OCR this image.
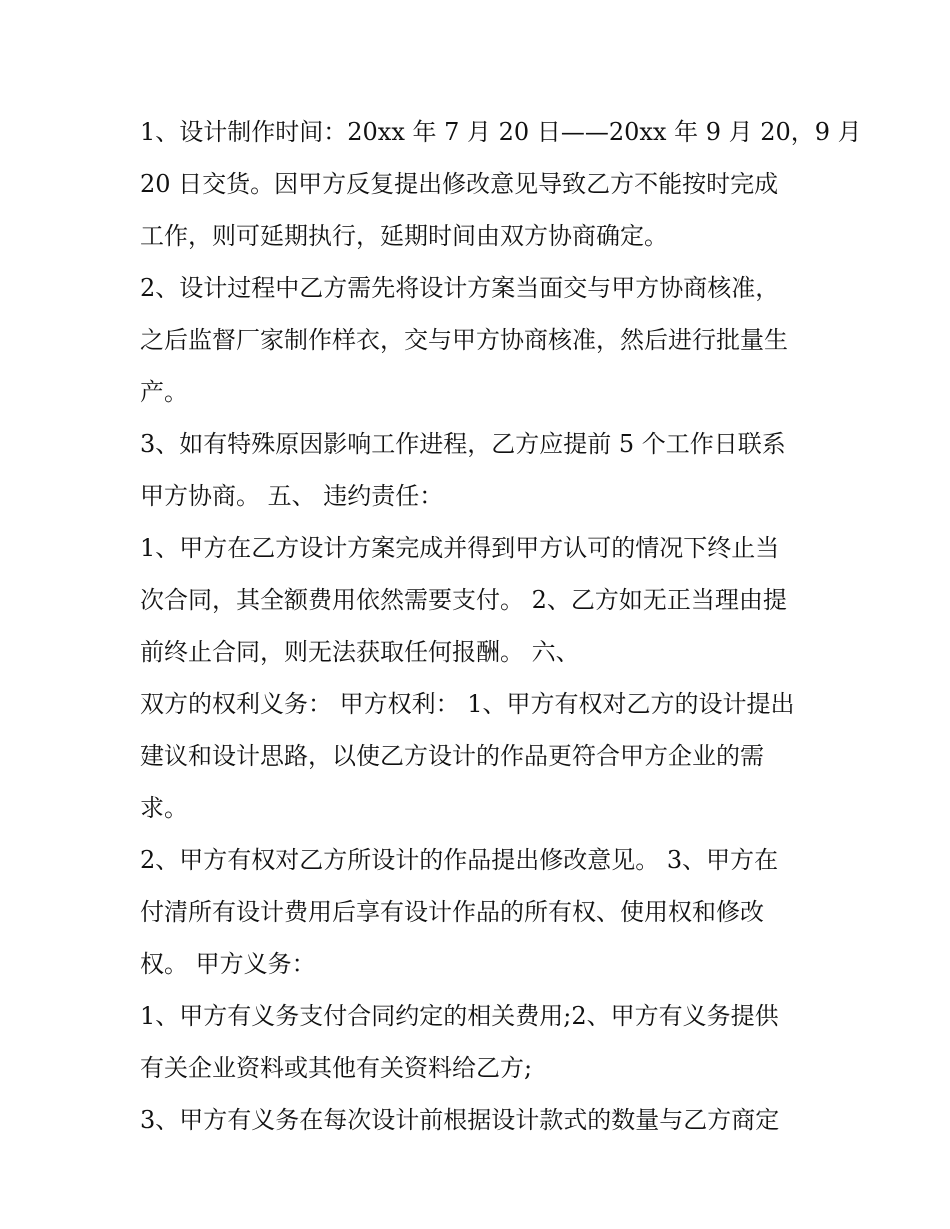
1、设计制作时间：20xx 年 7 月 20 日——20xx 年 9 月 20，9 月
20 日交货。因甲方反复提出修改意见导致乙方不能按时完成
工作，则可延期执行，延期时间由双方协商确定。
2、设计过程中乙方需先将设计方案当面交与甲方协商核准，
之后监督厂家制作样衣，交与甲方协商核准，然后进行批量生
产。
3、如有特殊原因影响工作进程，乙方应提前 5 个工作日联系
甲方协商。 五、 违约责任：
1、甲方在乙方设计方案完成并得到甲方认可的情况下终止当
次合同，其全额费用依然需要支付。 2、乙方如无正当理由提
前终止合同，则无法获取任何报酬。 六、
双方的权利义务： 甲方权利： 1、甲方有权对乙方的设计提出
建议和设计思路，以使乙方设计的作品更符合甲方企业的需
求。
2、甲方有权对乙方所设计的作品提出修改意见。 3、甲方在
付清所有设计费用后享有设计作品的所有权、使用权和修改
权。 甲方义务：
1、甲方有义务支付合同约定的相关费用;2、甲方有义务提供
有关企业资料或其他有关资料给乙方;
3、甲方有义务在每次设计前根据设计款式的数量与乙方商定
